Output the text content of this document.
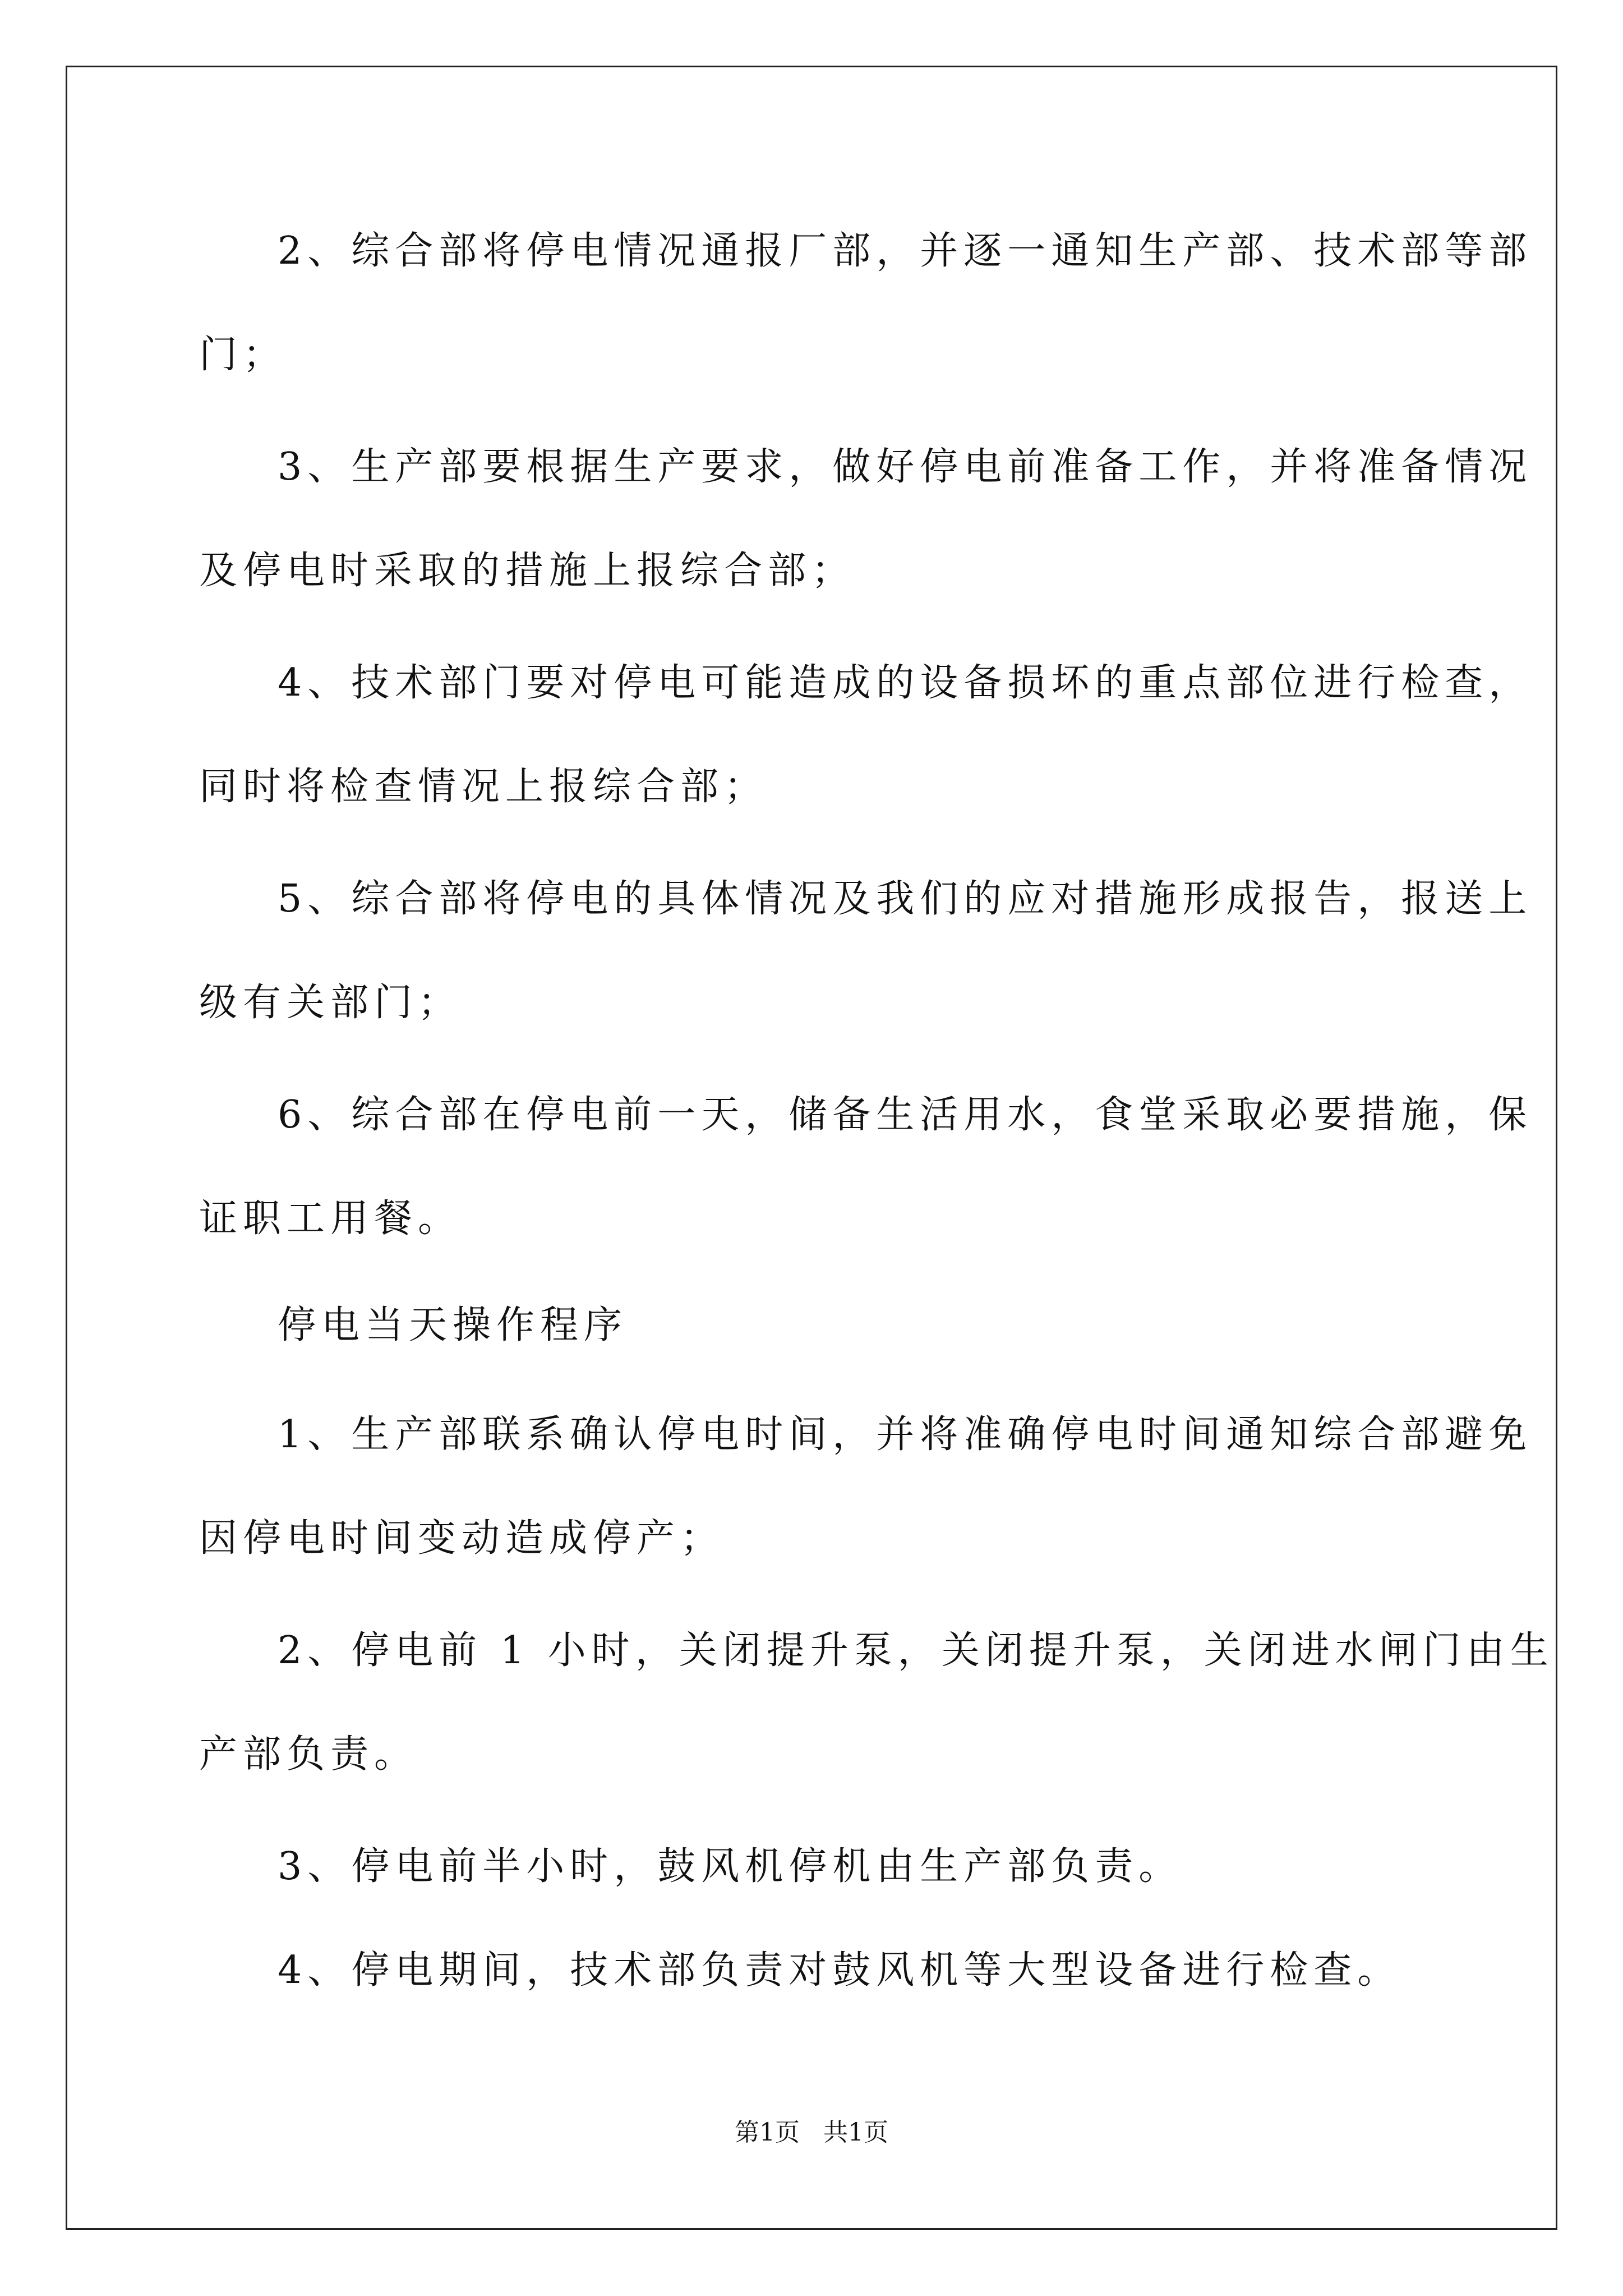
2、综合部将停电情况通报厂部，并逐一通知生产部、技术部等部
门；
3、生产部要根据生产要求，做好停电前准备工作，并将准备情况
及停电时采取的措施上报综合部；
4、技术部门要对停电可能造成的设备损坏的重点部位进行检查，
同时将检查情况上报综合部；
5、综合部将停电的具体情况及我们的应对措施形成报告，报送上
级有关部门；
6、综合部在停电前一天，储备生活用水，食堂采取必要措施，保
证职工用餐。
停电当天操作程序
1、生产部联系确认停电时间，并将准确停电时间通知综合部避免
因停电时间变动造成停产；
2、停电前 1 小时，关闭提升泵，关闭提升泵，关闭进水闸门由生
产部负责。
3、停电前半小时，鼓风机停机由生产部负责。
4、停电期间，技术部负责对鼓风机等大型设备进行检查。
第1页   共1页
